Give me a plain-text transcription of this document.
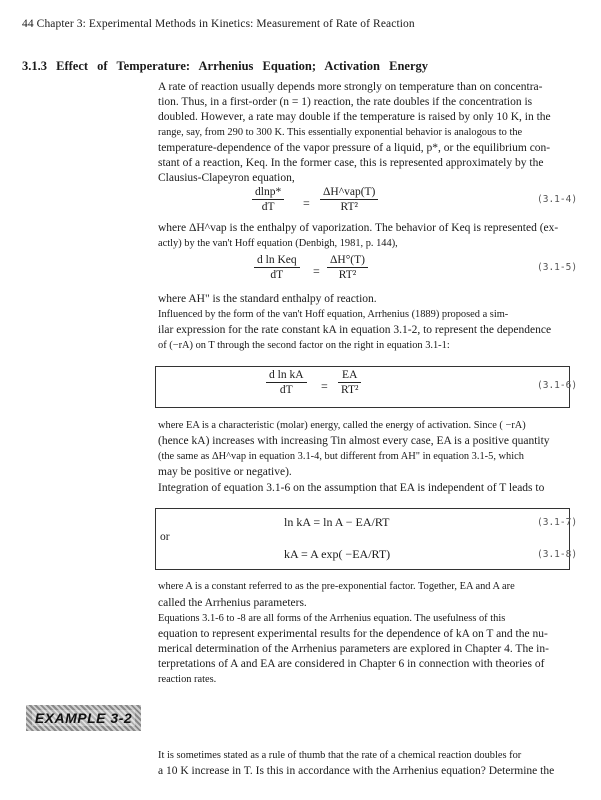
44 Chapter 3: Experimental Methods in Kinetics: Measurement of Rate of Reaction
3.1.3 Effect of Temperature: Arrhenius Equation; Activation Energy
A rate of reaction usually depends more strongly on temperature than on concentra-
tion. Thus, in a first-order (n = 1) reaction, the rate doubles if the concentration is
doubled. However, a rate may double if the temperature is raised by only 10 K, in the
range, say, from 290 to 300 K. This essentially exponential behavior is analogous to the
temperature-dependence of the vapor pressure of a liquid, p*, or the equilibrium con-
stant of a reaction, Keq. In the former case, this is represented approximately by the
Clausius-Clapeyron equation,
dlnp*
dT	=
ΔH^vap(T)
RT²
(3.1-4)
where ΔH^vap is the enthalpy of vaporization. The behavior of Keq is represented (ex-
actly) by the van't Hoff equation (Denbigh, 1981, p. 144),
d ln Keq
dT	=
ΔH°(T)
RT²
(3.1-5)
where AH" is the standard enthalpy of reaction.
Influenced by the form of the van't Hoff equation, Arrhenius (1889) proposed a sim-
ilar expression for the rate constant kA in equation 3.1-2, to represent the dependence
of (−rA) on T through the second factor on the right in equation 3.1-1:
d ln kA
dT	=
EA
RT²	(3.1-6)
where EA is a characteristic (molar) energy, called the energy of activation. Since ( −rA)
(hence kA) increases with increasing Tin almost every case, EA is a positive quantity
(the same as ΔH^vap in equation 3.1-4, but different from AH" in equation 3.1-5, which
may be positive or negative).
Integration of equation 3.1-6 on the assumption that EA is independent of T leads to
ln kA = ln A − EA/RT	(3.1-7)
or
kA = A exp( −EA/RT)	(3.1-8)
where A is a constant referred to as the pre-exponential factor. Together, EA and A are
called the Arrhenius parameters.
Equations 3.1-6 to -8 are all forms of the Arrhenius equation. The usefulness of this
equation to represent experimental results for the dependence of kA on T and the nu-
merical determination of the Arrhenius parameters are explored in Chapter 4. The in-
terpretations of A and EA are considered in Chapter 6 in connection with theories of
reaction rates.
EXAMPLE 3-2
It is sometimes stated as a rule of thumb that the rate of a chemical reaction doubles for
a 10 K increase in T. Is this in accordance with the Arrhenius equation? Determine the
